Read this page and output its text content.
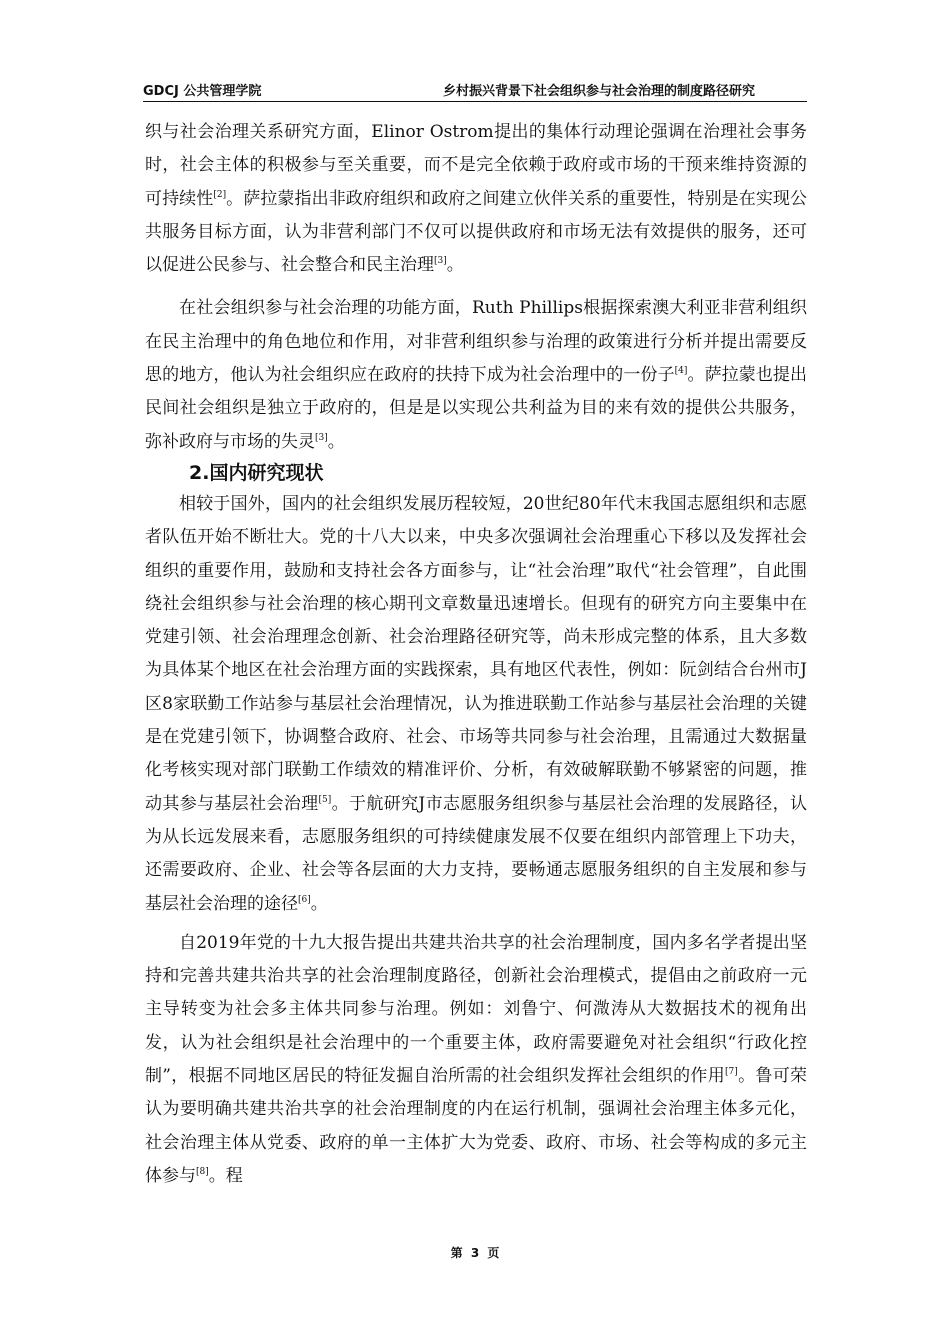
GDCJ 公共管理学院	乡村振兴背景下社会组织参与社会治理的制度路径研究

织与社会治理关系研究方面，Elinor Ostrom提出的集体行动理论强调在治理社会事务时，社会主体的积极参与至关重要，而不是完全依赖于政府或市场的干预来维持资源的可持续性[2]。萨拉蒙指出非政府组织和政府之间建立伙伴关系的重要性，特别是在实现公共服务目标方面，认为非营利部门不仅可以提供政府和市场无法有效提供的服务，还可以促进公民参与、社会整合和民主治理[3]。

在社会组织参与社会治理的功能方面，Ruth Phillips根据探索澳大利亚非营利组织在民主治理中的角色地位和作用，对非营利组织参与治理的政策进行分析并提出需要反思的地方，他认为社会组织应在政府的扶持下成为社会治理中的一份子[4]。萨拉蒙也提出民间社会组织是独立于政府的，但是是以实现公共利益为目的来有效的提供公共服务，弥补政府与市场的失灵[3]。

2.国内研究现状

相较于国外，国内的社会组织发展历程较短，20世纪80年代末我国志愿组织和志愿者队伍开始不断壮大。党的十八大以来，中央多次强调社会治理重心下移以及发挥社会组织的重要作用，鼓励和支持社会各方面参与，让“社会治理”取代“社会管理”，自此围绕社会组织参与社会治理的核心期刊文章数量迅速增长。但现有的研究方向主要集中在党建引领、社会治理理念创新、社会治理路径研究等，尚未形成完整的体系，且大多数为具体某个地区在社会治理方面的实践探索，具有地区代表性，例如：阮剑结合台州市J区8家联勤工作站参与基层社会治理情况，认为推进联勤工作站参与基层社会治理的关键是在党建引领下，协调整合政府、社会、市场等共同参与社会治理，且需通过大数据量化考核实现对部门联勤工作绩效的精准评价、分析，有效破解联勤不够紧密的问题，推动其参与基层社会治理[5]。于航研究J市志愿服务组织参与基层社会治理的发展路径，认为从长远发展来看，志愿服务组织的可持续健康发展不仅要在组织内部管理上下功夫，还需要政府、企业、社会等各层面的大力支持，要畅通志愿服务组织的自主发展和参与基层社会治理的途径[6]。

自2019年党的十九大报告提出共建共治共享的社会治理制度，国内多名学者提出坚持和完善共建共治共享的社会治理制度路径，创新社会治理模式，提倡由之前政府一元主导转变为社会多主体共同参与治理。例如：刘鲁宁、何溦涛从大数据技术的视角出发，认为社会组织是社会治理中的一个重要主体，政府需要避免对社会组织“行政化控制”，根据不同地区居民的特征发掘自治所需的社会组织发挥社会组织的作用[7]。鲁可荣认为要明确共建共治共享的社会治理制度的内在运行机制，强调社会治理主体多元化，社会治理主体从党委、政府的单一主体扩大为党委、政府、市场、社会等构成的多元主体参与[8]。程

第 3 页
